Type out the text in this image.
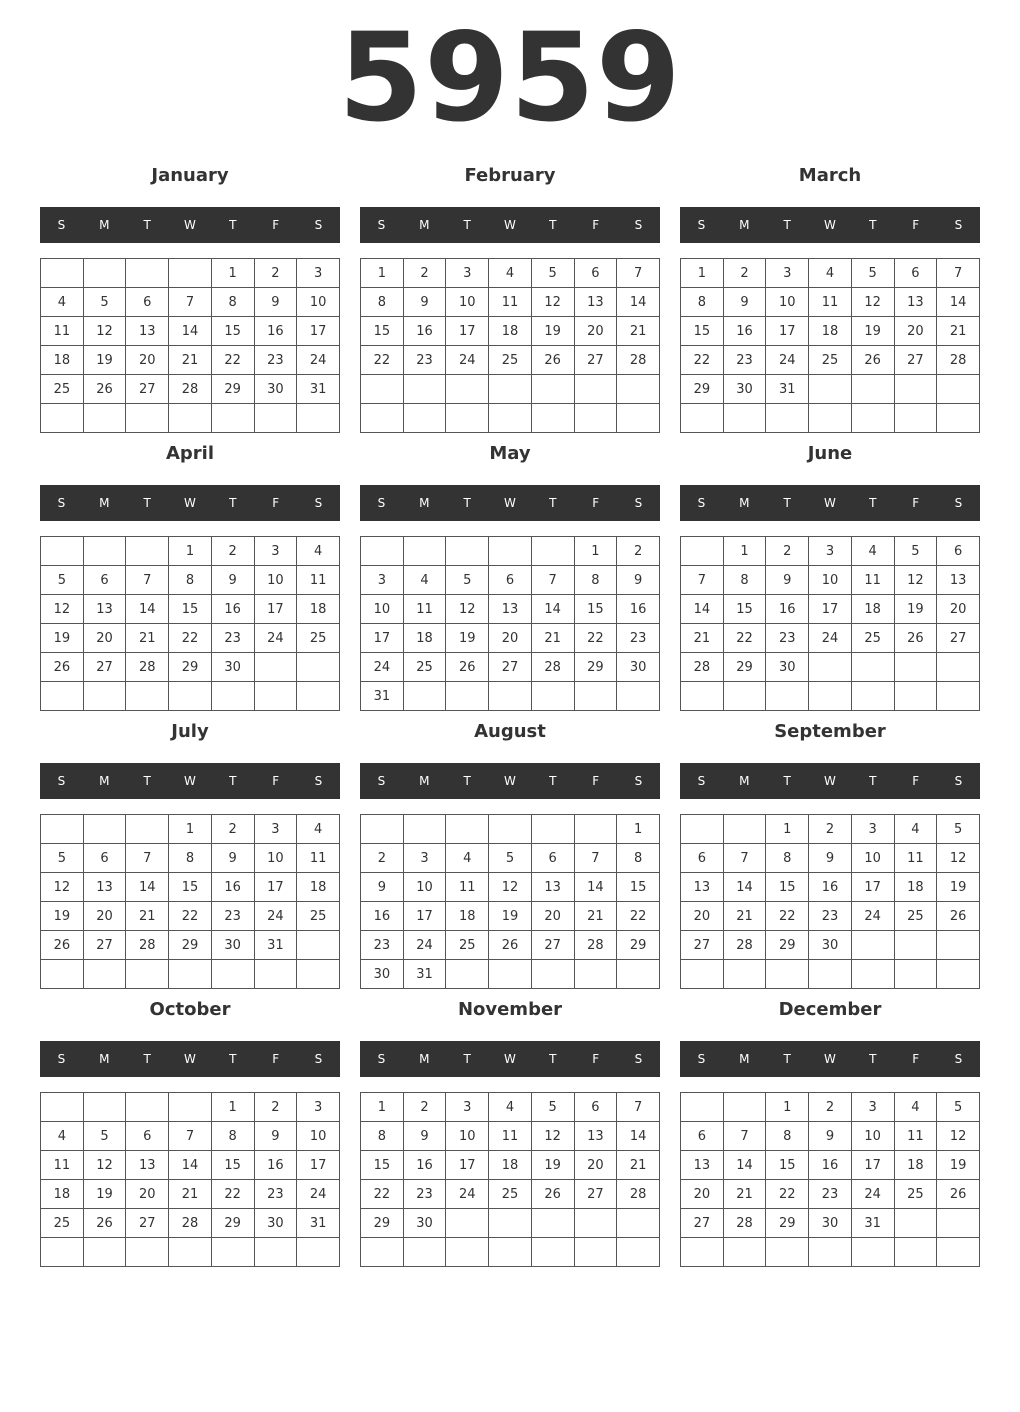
5959
January
S	M	T	W	T	F	S
				1	2	3
4	5	6	7	8	9	10
11	12	13	14	15	16	17
18	19	20	21	22	23	24
25	26	27	28	29	30	31

February
S	M	T	W	T	F	S
1	2	3	4	5	6	7
8	9	10	11	12	13	14
15	16	17	18	19	20	21
22	23	24	25	26	27	28

March
S	M	T	W	T	F	S
1	2	3	4	5	6	7
8	9	10	11	12	13	14
15	16	17	18	19	20	21
22	23	24	25	26	27	28
29	30	31				

April
S	M	T	W	T	F	S
			1	2	3	4
5	6	7	8	9	10	11
12	13	14	15	16	17	18
19	20	21	22	23	24	25
26	27	28	29	30		

May
S	M	T	W	T	F	S
					1	2
3	4	5	6	7	8	9
10	11	12	13	14	15	16
17	18	19	20	21	22	23
24	25	26	27	28	29	30
31						
June
S	M	T	W	T	F	S
	1	2	3	4	5	6
7	8	9	10	11	12	13
14	15	16	17	18	19	20
21	22	23	24	25	26	27
28	29	30				

July
S	M	T	W	T	F	S
			1	2	3	4
5	6	7	8	9	10	11
12	13	14	15	16	17	18
19	20	21	22	23	24	25
26	27	28	29	30	31	

August
S	M	T	W	T	F	S
						1
2	3	4	5	6	7	8
9	10	11	12	13	14	15
16	17	18	19	20	21	22
23	24	25	26	27	28	29
30	31					
September
S	M	T	W	T	F	S
		1	2	3	4	5
6	7	8	9	10	11	12
13	14	15	16	17	18	19
20	21	22	23	24	25	26
27	28	29	30			

October
S	M	T	W	T	F	S
				1	2	3
4	5	6	7	8	9	10
11	12	13	14	15	16	17
18	19	20	21	22	23	24
25	26	27	28	29	30	31

November
S	M	T	W	T	F	S
1	2	3	4	5	6	7
8	9	10	11	12	13	14
15	16	17	18	19	20	21
22	23	24	25	26	27	28
29	30					

December
S	M	T	W	T	F	S
		1	2	3	4	5
6	7	8	9	10	11	12
13	14	15	16	17	18	19
20	21	22	23	24	25	26
27	28	29	30	31		
